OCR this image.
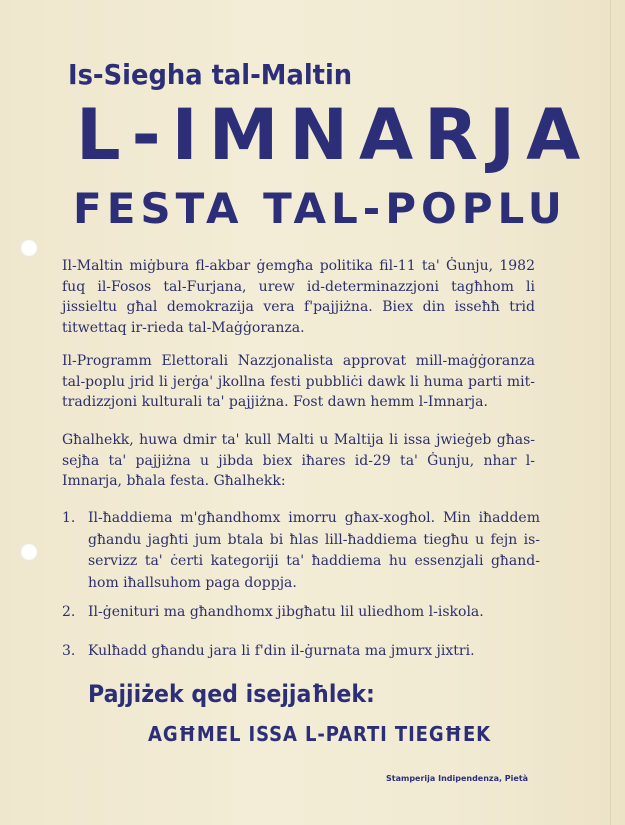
Is-Siegha tal-Maltin
L-IMNARJA
FESTA TAL-POPLU
Il-Maltin miġbura fl-akbar ġemgħa politika fil-11 ta' Ġunju, 1982 fuq il-Fosos tal-Furjana, urew id-determinazzjoni tagħhom li jissieltu għal demokrazija vera f'pajjiżna. Biex din isseħħ trid titwettaq ir-rieda tal-Maġġoranza.
Il-Programm Elettorali Nazzjonalista approvat mill-maġġoranza tal-poplu jrid li jerġa' jkollna festi pubbliċi dawk li huma parti mit-tradizzjoni kulturali ta' pajjiżna. Fost dawn hemm l-Imnarja.
Għalhekk, huwa dmir ta' kull Malti u Maltija li issa jwieġeb għas-sejħa ta' pajjiżna u jibda biex iħares id-29 ta' Ġunju, nhar l-Imnarja, bħala festa. Għalhekk:
1. Il-ħaddiema m'għandhomx imorru għax-xogħol. Min iħaddem għandu jagħti jum btala bi ħlas lill-ħaddiema tiegħu u fejn is-servizz ta' ċerti kategoriji ta' ħaddiema hu essenzjali għand-hom iħallsuhom paga doppja.
2. Il-ġenituri ma għandhomx jibgħatu lil uliedhom l-iskola.
3. Kulħadd għandu jara li f'din il-ġurnata ma jmurx jixtri.
Pajjiżek qed isejjaħlek:
AGĦMEL ISSA L-PARTI TIEGĦEK
Stamperija Indipendenza, Pietà
